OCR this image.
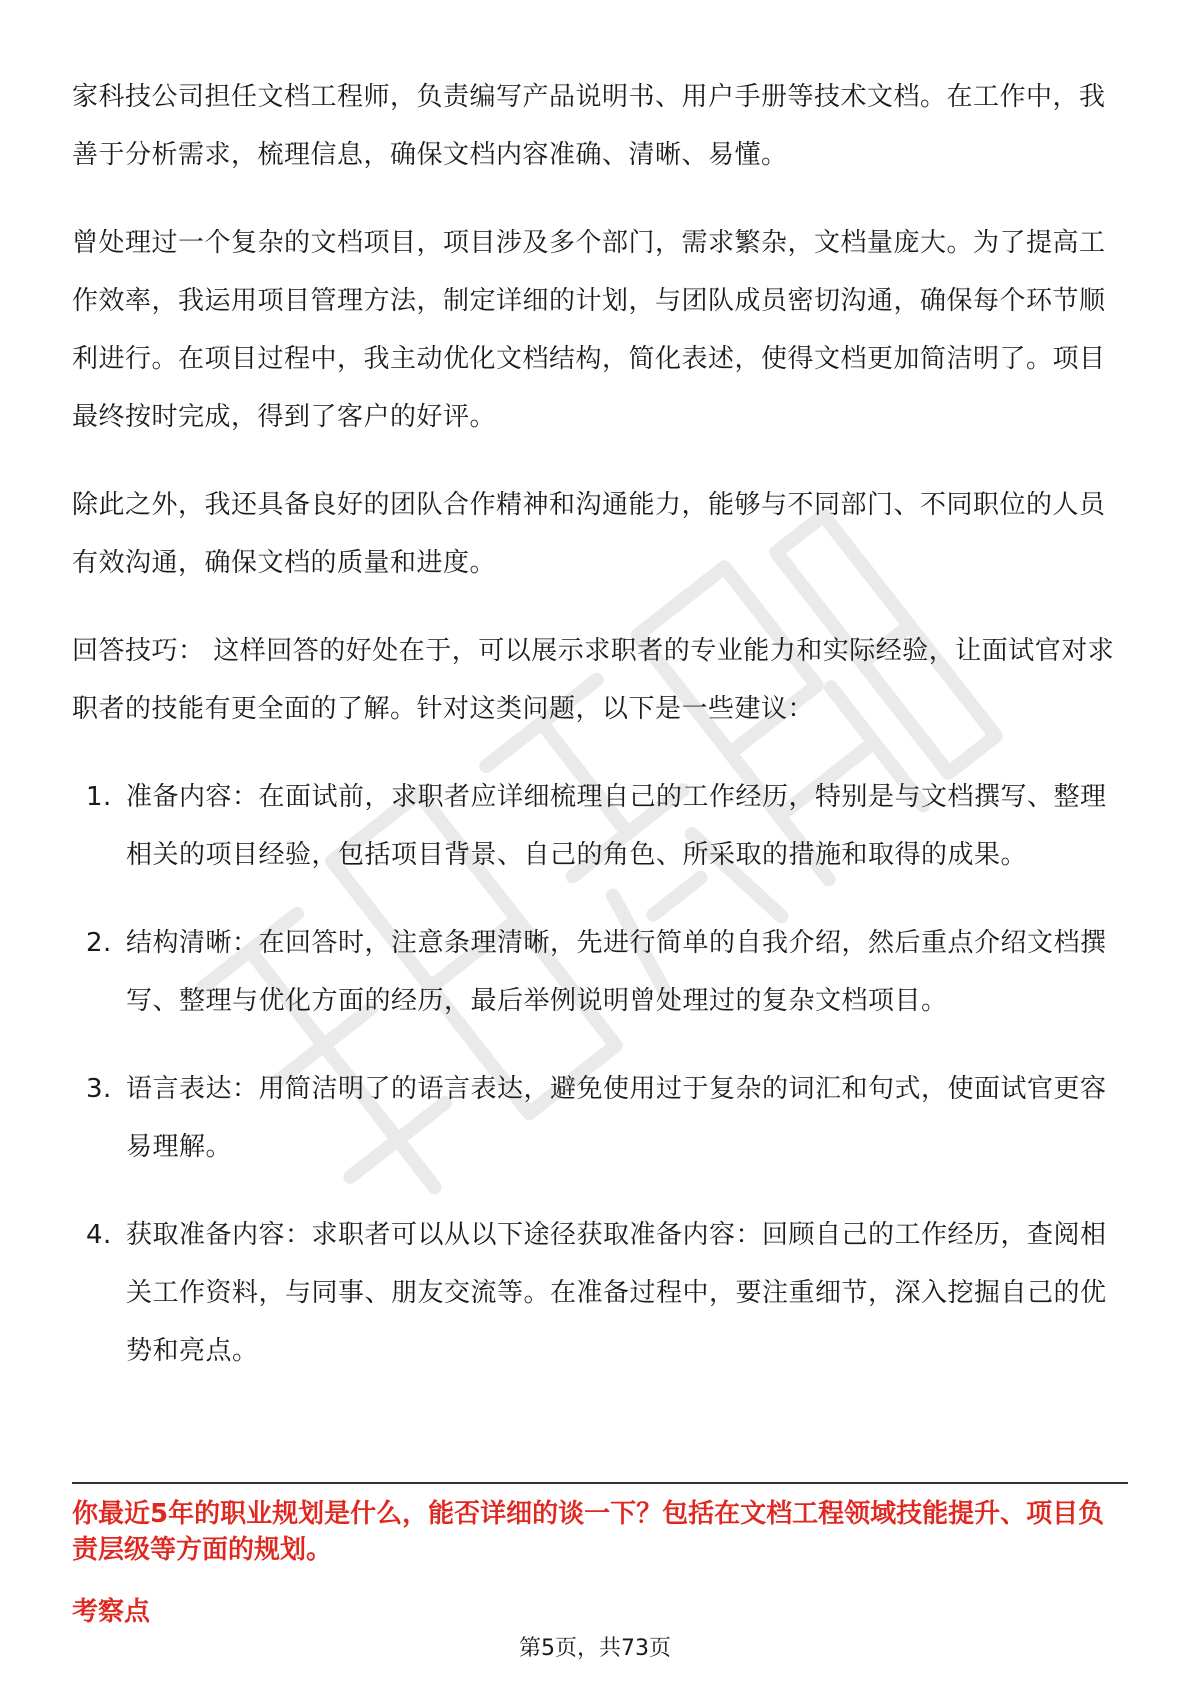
家科技公司担任文档工程师，负责编写产品说明书、用户手册等技术文档。在工作中，我善于分析需求，梳理信息，确保文档内容准确、清晰、易懂。

曾处理过一个复杂的文档项目，项目涉及多个部门，需求繁杂，文档量庞大。为了提高工作效率，我运用项目管理方法，制定详细的计划，与团队成员密切沟通，确保每个环节顺利进行。在项目过程中，我主动优化文档结构，简化表述，使得文档更加简洁明了。项目最终按时完成，得到了客户的好评。

除此之外，我还具备良好的团队合作精神和沟通能力，能够与不同部门、不同职位的人员有效沟通，确保文档的质量和进度。

回答技巧： 这样回答的好处在于，可以展示求职者的专业能力和实际经验，让面试官对求职者的技能有更全面的了解。针对这类问题，以下是一些建议：

1. 准备内容：在面试前，求职者应详细梳理自己的工作经历，特别是与文档撰写、整理相关的项目经验，包括项目背景、自己的角色、所采取的措施和取得的成果。
2. 结构清晰：在回答时，注意条理清晰，先进行简单的自我介绍，然后重点介绍文档撰写、整理与优化方面的经历，最后举例说明曾处理过的复杂文档项目。
3. 语言表达：用简洁明了的语言表达，避免使用过于复杂的词汇和句式，使面试官更容易理解。
4. 获取准备内容：求职者可以从以下途径获取准备内容：回顾自己的工作经历，查阅相关工作资料，与同事、朋友交流等。在准备过程中，要注重细节，深入挖掘自己的优势和亮点。
你最近5年的职业规划是什么，能否详细的谈一下？包括在文档工程领域技能提升、项目负责层级等方面的规划。
考察点
第5页，共73页
